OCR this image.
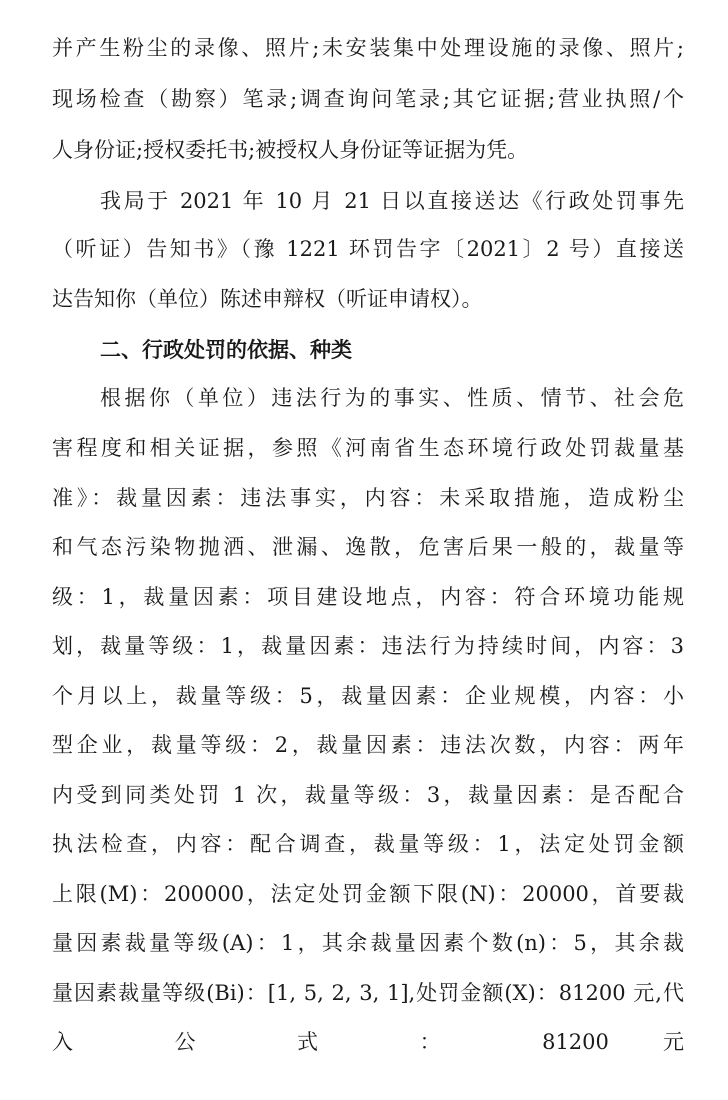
并产生粉尘的录像、照片;未安装集中处理设施的录像、照片;
现场检查（勘察）笔录;调查询问笔录;其它证据;营业执照/个
人身份证;授权委托书;被授权人身份证等证据为凭。
我局于 2021 年 10 月 21 日以直接送达《行政处罚事先
（听证）告知书》（豫 1221 环罚告字〔2021〕2 号）直接送
达告知你（单位）陈述申辩权（听证申请权）。
二、行政处罚的依据、种类
根据你（单位）违法行为的事实、性质、情节、社会危
害程度和相关证据，参照《河南省生态环境行政处罚裁量基
准》：裁量因素：违法事实，内容：未采取措施，造成粉尘
和气态污染物抛洒、泄漏、逸散，危害后果一般的，裁量等
级：1，裁量因素：项目建设地点，内容：符合环境功能规
划，裁量等级：1，裁量因素：违法行为持续时间，内容：3
个月以上，裁量等级：5，裁量因素：企业规模，内容：小
型企业，裁量等级：2，裁量因素：违法次数，内容：两年
内受到同类处罚 1 次，裁量等级：3，裁量因素：是否配合
执法检查，内容：配合调查，裁量等级：1，法定处罚金额
上限(M)：200000，法定处罚金额下限(N)：20000，首要裁
量因素裁量等级(A)：1，其余裁量因素个数(n)：5，其余裁
量因素裁量等级(Bi)：[1, 5, 2, 3, 1],处罚金额(X)：81200 元,代
入 公 式 ： 81200 元
